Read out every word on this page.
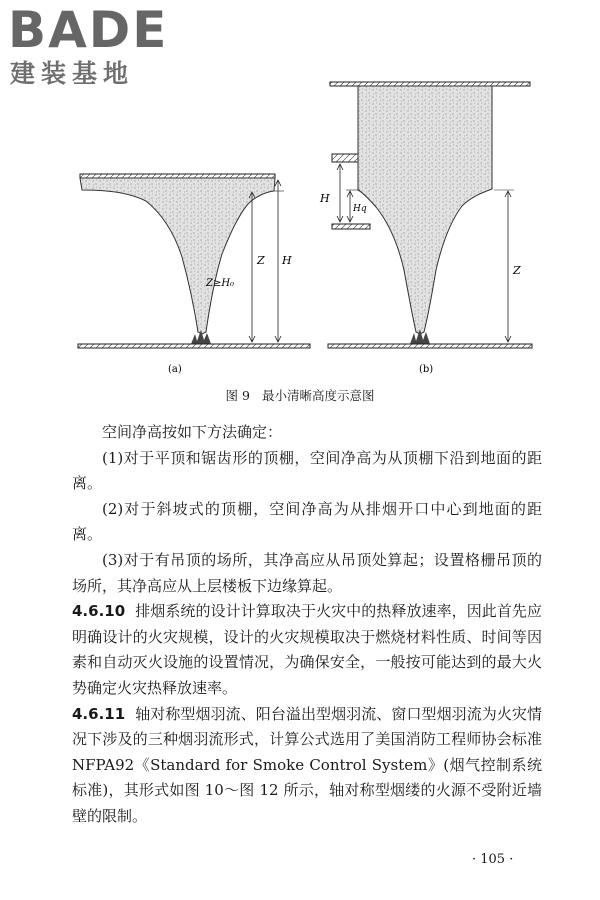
BADE
建装基地
Z H
Z≥H₀
(a)
H
Hq
Z
(b)
图 9 最小清晰高度示意图

空间净高按如下方法确定：

(1)对于平顶和锯齿形的顶棚，空间净高为从顶棚下沿到地面的距离。

(2)对于斜坡式的顶棚，空间净高为从排烟开口中心到地面的距离。

(3)对于有吊顶的场所，其净高应从吊顶处算起；设置格栅吊顶的场所，其净高应从上层楼板下边缘算起。

4.6.10 排烟系统的设计计算取决于火灾中的热释放速率，因此首先应明确设计的火灾规模，设计的火灾规模取决于燃烧材料性质、时间等因素和自动灭火设施的设置情况，为确保安全，一般按可能达到的最大火势确定火灾热释放速率。

4.6.11 轴对称型烟羽流、阳台溢出型烟羽流、窗口型烟羽流为火灾情况下涉及的三种烟羽流形式，计算公式选用了美国消防工程师协会标准 NFPA92《Standard for Smoke Control System》(烟气控制系统标准)，其形式如图 10～图 12 所示，轴对称型烟缕的火源不受附近墙壁的限制。

· 105 ·
